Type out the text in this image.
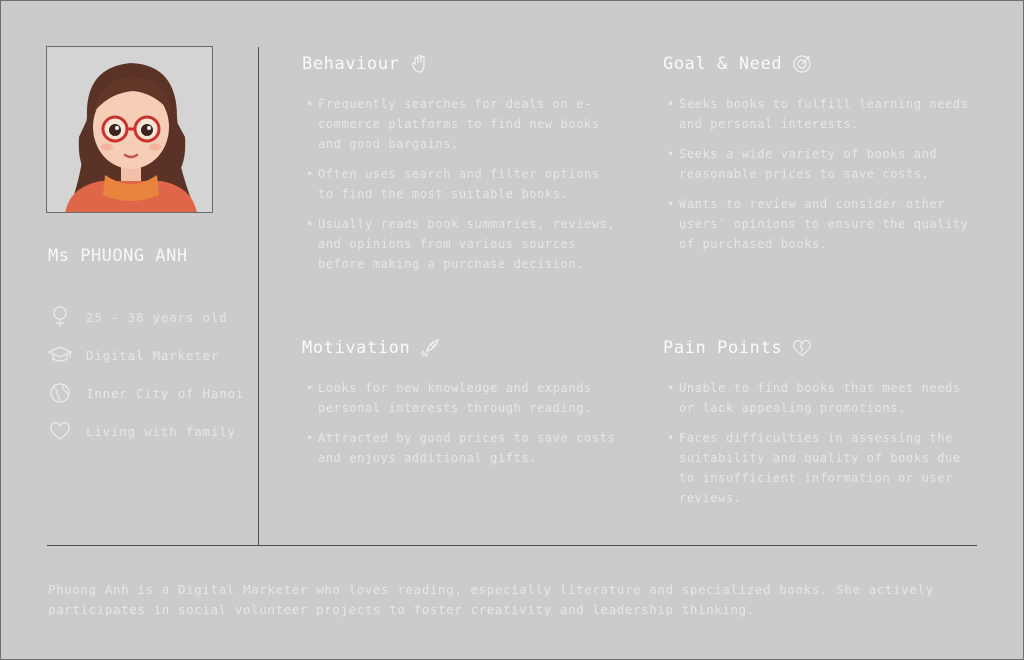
Ms PHUONG ANH
25 - 38 years old
Digital Marketer
Inner City of Hanoi
Living with family
Behaviour
• Frequently searches for deals on e-commerce platforms to find new books and good bargains.
• Often uses search and filter options to find the most suitable books.
• Usually reads book summaries, reviews, and opinions from various sources before making a purchase decision.
Goal & Need
• Seeks books to fulfill learning needs and personal interests.
• Seeks a wide variety of books and reasonable prices to save costs.
• Wants to review and consider other users' opinions to ensure the quality of purchased books.
Motivation
• Looks for new knowledge and expands personal interests through reading.
• Attracted by good prices to save costs and enjoys additional gifts.
Pain Points
• Unable to find books that meet needs or lack appealing promotions.
• Faces difficulties in assessing the suitability and quality of books due to insufficient information or user reviews.

Phuong Anh is a Digital Marketer who loves reading, especially literature and specialized books. She actively participates in social volunteer projects to foster creativity and leadership thinking.
